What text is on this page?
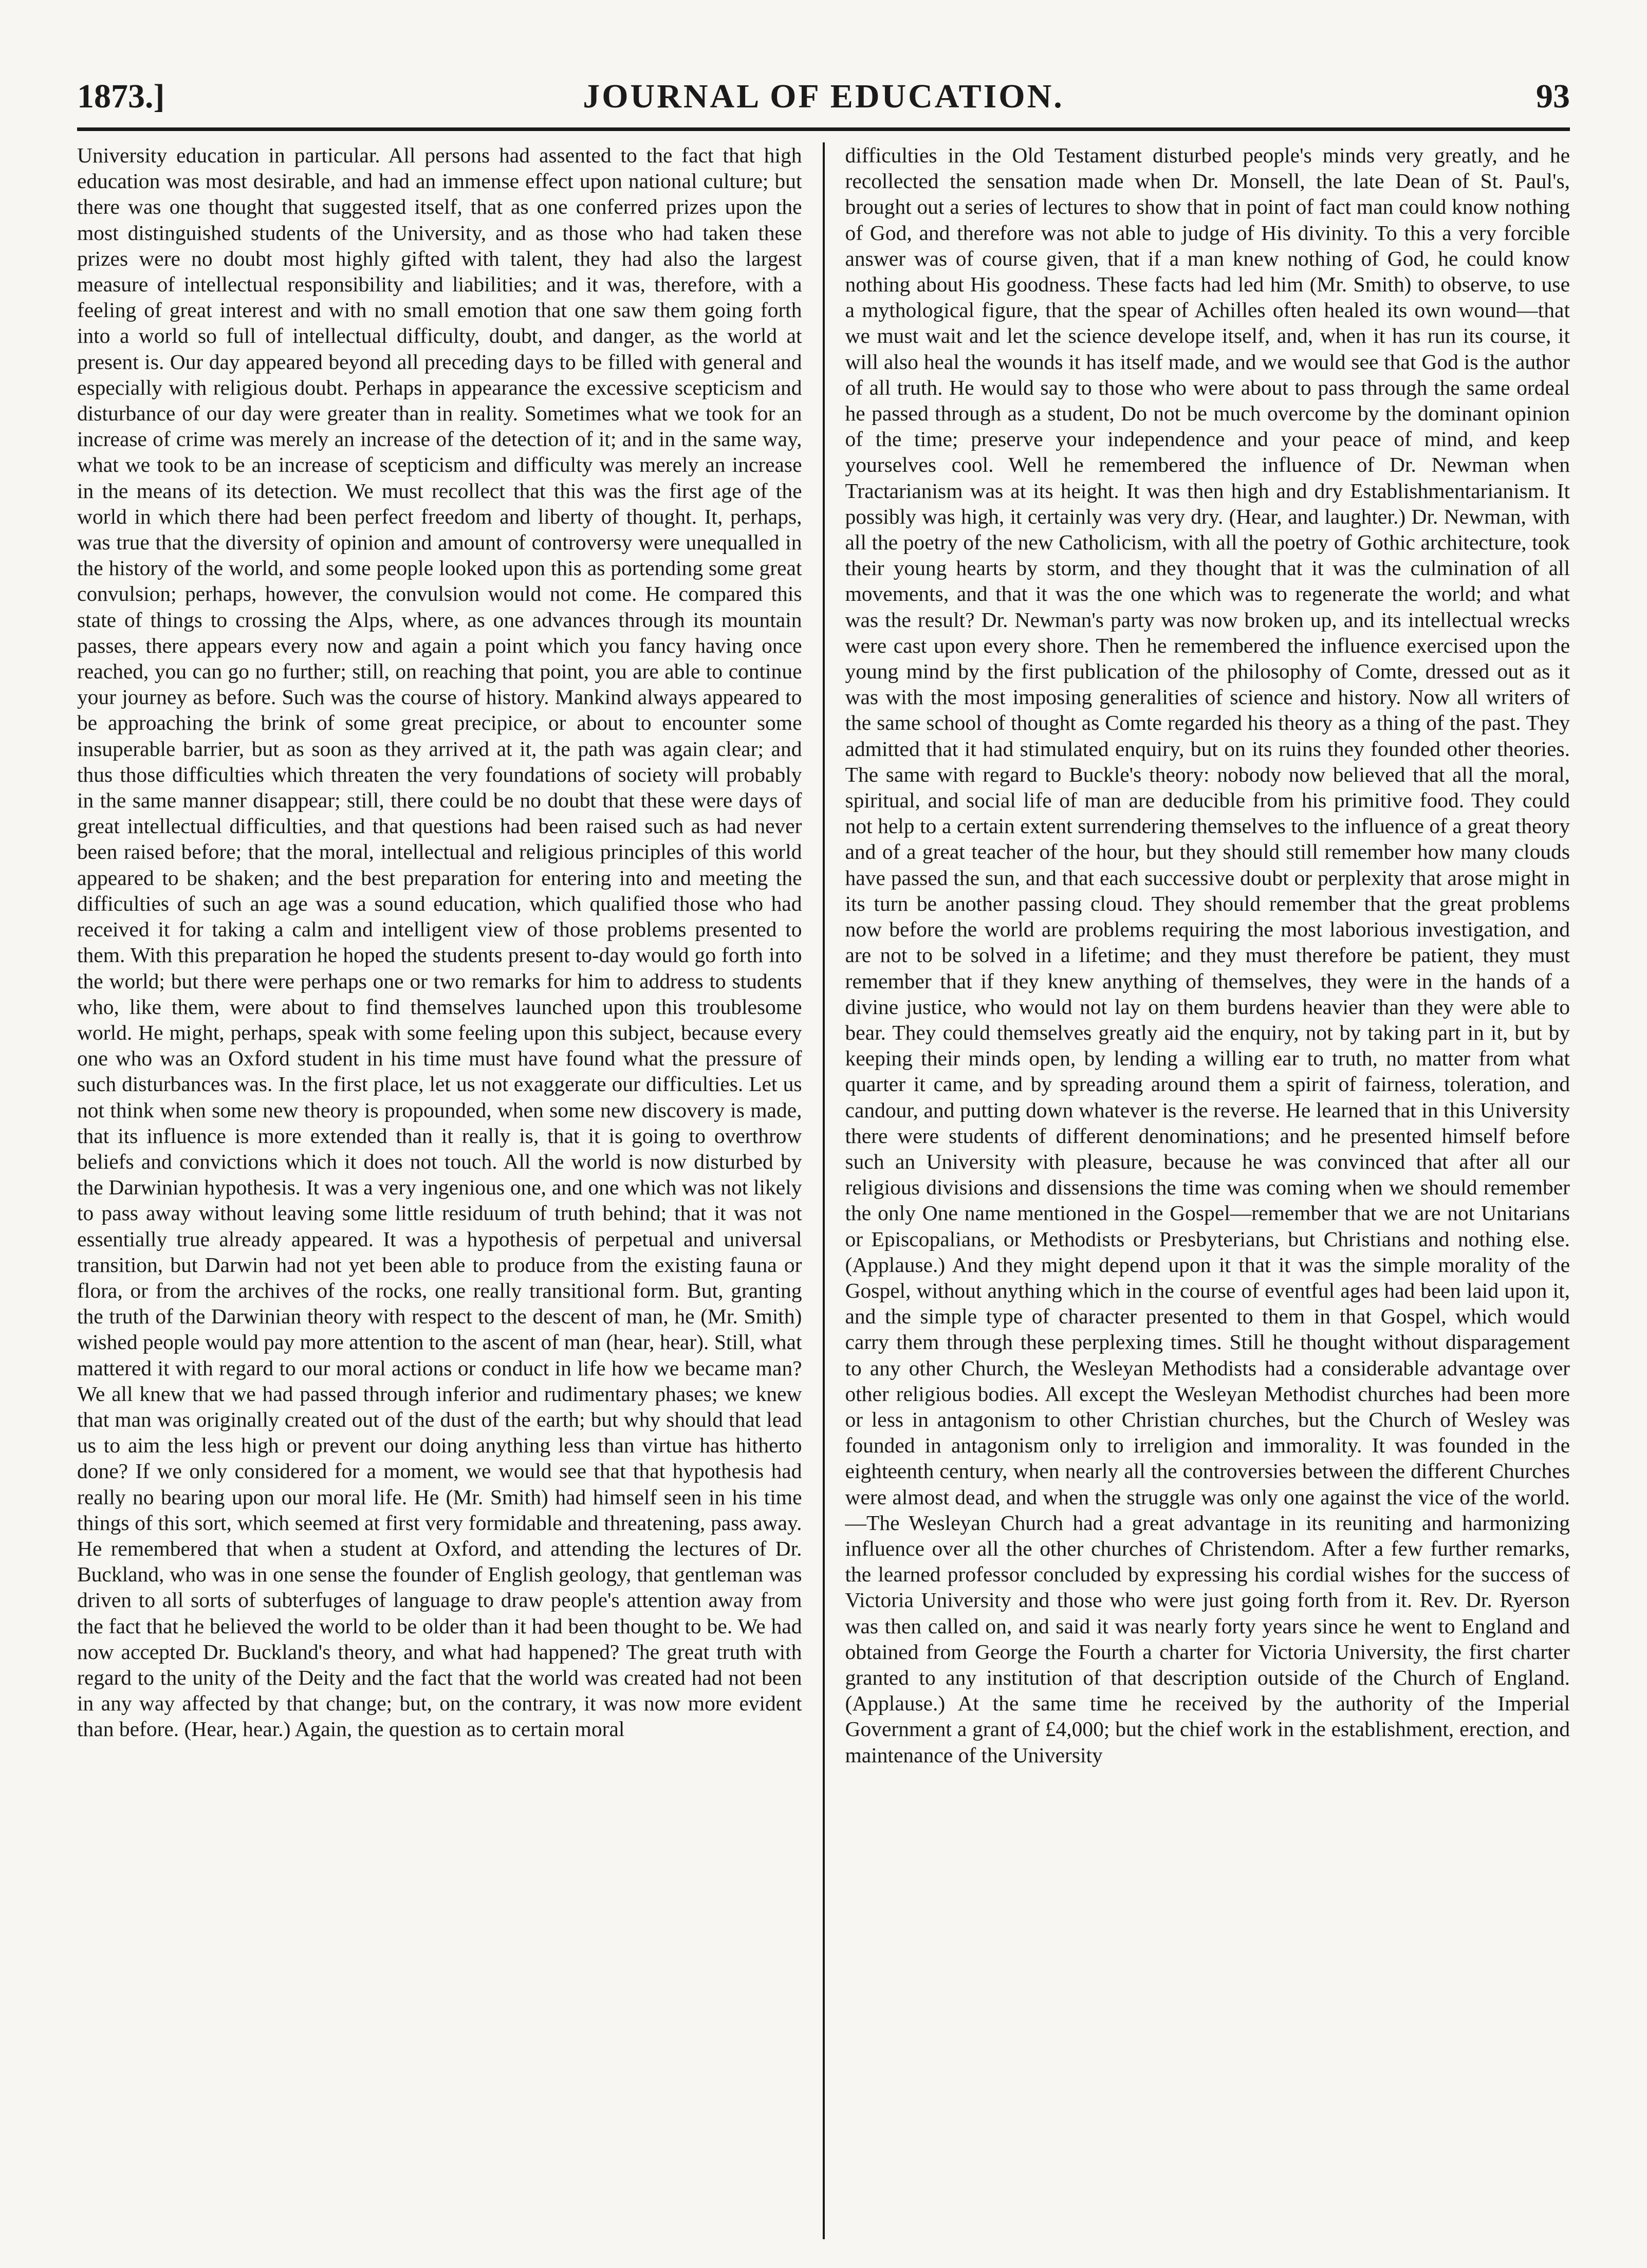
1873.]	JOURNAL OF EDUCATION.	93

University education in particular. All persons had assented to the fact that high education was most desirable, and had an immense effect upon national culture; but there was one thought that suggested itself, that as one conferred prizes upon the most distinguished students of the University, and as those who had taken these prizes were no doubt most highly gifted with talent, they had also the largest measure of intellectual responsibility and liabilities; and it was, therefore, with a feeling of great interest and with no small emotion that one saw them going forth into a world so full of intellectual difficulty, doubt, and danger, as the world at present is. Our day appeared beyond all preceding days to be filled with general and especially with religious doubt. Perhaps in appearance the excessive scepticism and disturbance of our day were greater than in reality. Sometimes what we took for an increase of crime was merely an increase of the detection of it; and in the same way, what we took to be an increase of scepticism and difficulty was merely an increase in the means of its detection. We must recollect that this was the first age of the world in which there had been perfect freedom and liberty of thought. It, perhaps, was true that the diversity of opinion and amount of controversy were unequalled in the history of the world, and some people looked upon this as portending some great convulsion; perhaps, however, the convulsion would not come. He compared this state of things to crossing the Alps, where, as one advances through its mountain passes, there appears every now and again a point which you fancy having once reached, you can go no further; still, on reaching that point, you are able to continue your journey as before. Such was the course of history. Mankind always appeared to be approaching the brink of some great precipice, or about to encounter some insuperable barrier, but as soon as they arrived at it, the path was again clear; and thus those difficulties which threaten the very foundations of society will probably in the same manner disappear; still, there could be no doubt that these were days of great intellectual difficulties, and that questions had been raised such as had never been raised before; that the moral, intellectual and religious principles of this world appeared to be shaken; and the best preparation for entering into and meeting the difficulties of such an age was a sound education, which qualified those who had received it for taking a calm and intelligent view of those problems presented to them. With this preparation he hoped the students present to-day would go forth into the world; but there were perhaps one or two remarks for him to address to students who, like them, were about to find themselves launched upon this troublesome world. He might, perhaps, speak with some feeling upon this subject, because every one who was an Oxford student in his time must have found what the pressure of such disturbances was. In the first place, let us not exaggerate our difficulties. Let us not think when some new theory is propounded, when some new discovery is made, that its influence is more extended than it really is, that it is going to overthrow beliefs and convictions which it does not touch. All the world is now disturbed by the Darwinian hypothesis. It was a very ingenious one, and one which was not likely to pass away without leaving some little residuum of truth behind; that it was not essentially true already appeared. It was a hypothesis of perpetual and universal transition, but Darwin had not yet been able to produce from the existing fauna or flora, or from the archives of the rocks, one really transitional form. But, granting the truth of the Darwinian theory with respect to the descent of man, he (Mr. Smith) wished people would pay more attention to the ascent of man (hear, hear). Still, what mattered it with regard to our moral actions or conduct in life how we became man? We all knew that we had passed through inferior and rudimentary phases; we knew that man was originally created out of the dust of the earth; but why should that lead us to aim the less high or prevent our doing anything less than virtue has hitherto done? If we only considered for a moment, we would see that that hypothesis had really no bearing upon our moral life. He (Mr. Smith) had himself seen in his time things of this sort, which seemed at first very formidable and threatening, pass away. He remembered that when a student at Oxford, and attending the lectures of Dr. Buckland, who was in one sense the founder of English geology, that gentleman was driven to all sorts of subterfuges of language to draw people's attention away from the fact that he believed the world to be older than it had been thought to be. We had now accepted Dr. Buckland's theory, and what had happened? The great truth with regard to the unity of the Deity and the fact that the world was created had not been in any way affected by that change; but, on the contrary, it was now more evident than before. (Hear, hear.) Again, the question as to certain moral

difficulties in the Old Testament disturbed people's minds very greatly, and he recollected the sensation made when Dr. Monsell, the late Dean of St. Paul's, brought out a series of lectures to show that in point of fact man could know nothing of God, and therefore was not able to judge of His divinity. To this a very forcible answer was of course given, that if a man knew nothing of God, he could know nothing about His goodness. These facts had led him (Mr. Smith) to observe, to use a mythological figure, that the spear of Achilles often healed its own wound—that we must wait and let the science develope itself, and, when it has run its course, it will also heal the wounds it has itself made, and we would see that God is the author of all truth. He would say to those who were about to pass through the same ordeal he passed through as a student, Do not be much overcome by the dominant opinion of the time; preserve your independence and your peace of mind, and keep yourselves cool. Well he remembered the influence of Dr. Newman when Tractarianism was at its height. It was then high and dry Establishmentarianism. It possibly was high, it certainly was very dry. (Hear, and laughter.) Dr. Newman, with all the poetry of the new Catholicism, with all the poetry of Gothic architecture, took their young hearts by storm, and they thought that it was the culmination of all movements, and that it was the one which was to regenerate the world; and what was the result? Dr. Newman's party was now broken up, and its intellectual wrecks were cast upon every shore. Then he remembered the influence exercised upon the young mind by the first publication of the philosophy of Comte, dressed out as it was with the most imposing generalities of science and history. Now all writers of the same school of thought as Comte regarded his theory as a thing of the past. They admitted that it had stimulated enquiry, but on its ruins they founded other theories. The same with regard to Buckle's theory: nobody now believed that all the moral, spiritual, and social life of man are deducible from his primitive food. They could not help to a certain extent surrendering themselves to the influence of a great theory and of a great teacher of the hour, but they should still remember how many clouds have passed the sun, and that each successive doubt or perplexity that arose might in its turn be another passing cloud. They should remember that the great problems now before the world are problems requiring the most laborious investigation, and are not to be solved in a lifetime; and they must therefore be patient, they must remember that if they knew anything of themselves, they were in the hands of a divine justice, who would not lay on them burdens heavier than they were able to bear. They could themselves greatly aid the enquiry, not by taking part in it, but by keeping their minds open, by lending a willing ear to truth, no matter from what quarter it came, and by spreading around them a spirit of fairness, toleration, and candour, and putting down whatever is the reverse. He learned that in this University there were students of different denominations; and he presented himself before such an University with pleasure, because he was convinced that after all our religious divisions and dissensions the time was coming when we should remember the only One name mentioned in the Gospel—remember that we are not Unitarians or Episcopalians, or Methodists or Presbyterians, but Christians and nothing else. (Applause.) And they might depend upon it that it was the simple morality of the Gospel, without anything which in the course of eventful ages had been laid upon it, and the simple type of character presented to them in that Gospel, which would carry them through these perplexing times. Still he thought without disparagement to any other Church, the Wesleyan Methodists had a considerable advantage over other religious bodies. All except the Wesleyan Methodist churches had been more or less in antagonism to other Christian churches, but the Church of Wesley was founded in antagonism only to irreligion and immorality. It was founded in the eighteenth century, when nearly all the controversies between the different Churches were almost dead, and when the struggle was only one against the vice of the world.—The Wesleyan Church had a great advantage in its reuniting and harmonizing influence over all the other churches of Christendom. After a few further remarks, the learned professor concluded by expressing his cordial wishes for the success of Victoria University and those who were just going forth from it. Rev. Dr. Ryerson was then called on, and said it was nearly forty years since he went to England and obtained from George the Fourth a charter for Victoria University, the first charter granted to any institution of that description outside of the Church of England. (Applause.) At the same time he received by the authority of the Imperial Government a grant of £4,000; but the chief work in the establishment, erection, and maintenance of the University
